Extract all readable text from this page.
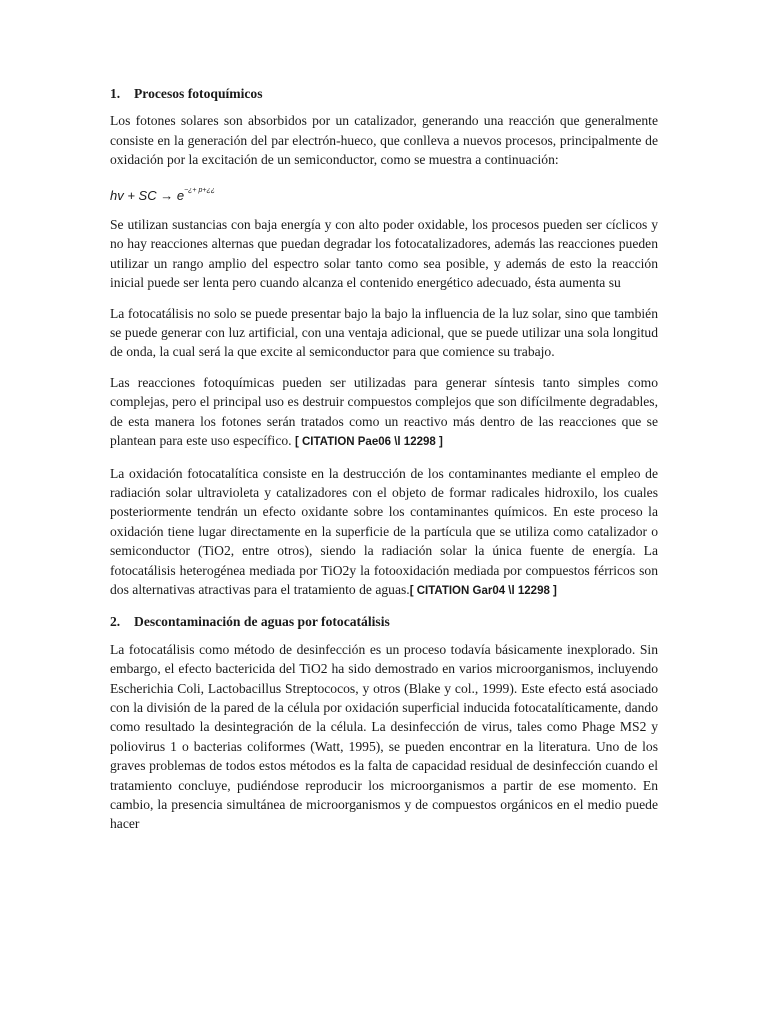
1. Procesos fotoquímicos

Los fotones solares son absorbidos por un catalizador, generando una reacción que generalmente consiste en la generación del par electrón-hueco, que conlleva a nuevos procesos, principalmente de oxidación por la excitación de un semiconductor, como se muestra a continuación:

hv + SC → $e^{-¿+ p+¿¿}$

Se utilizan sustancias con baja energía y con alto poder oxidable, los procesos pueden ser cíclicos y no hay reacciones alternas que puedan degradar los fotocatalizadores, además las reacciones pueden utilizar un rango amplio del espectro solar tanto como sea posible, y además de esto la reacción inicial puede ser lenta pero cuando alcanza el contenido energético adecuado, ésta aumenta su

La fotocatálisis no solo se puede presentar bajo la bajo la influencia de la luz solar, sino que también se puede generar con luz artificial, con una ventaja adicional, que se puede utilizar una sola longitud de onda, la cual será la que excite al semiconductor para que comience su trabajo.

Las reacciones fotoquímicas pueden ser utilizadas para generar síntesis tanto simples como complejas, pero el principal uso es destruir compuestos complejos que son difícilmente degradables, de esta manera los fotones serán tratados como un reactivo más dentro de las reacciones que se plantean para este uso específico. [ CITATION Pae06 \l 12298 ]

La oxidación fotocatalítica consiste en la destrucción de los contaminantes mediante el empleo de radiación solar ultravioleta y catalizadores con el objeto de formar radicales hidroxilo, los cuales posteriormente tendrán un efecto oxidante sobre los contaminantes químicos. En este proceso la oxidación tiene lugar directamente en la superficie de la partícula que se utiliza como catalizador o semiconductor (TiO2, entre otros), siendo la radiación solar la única fuente de energía. La fotocatálisis heterogénea mediada por TiO2y la fotooxidación mediada por compuestos férricos son dos alternativas atractivas para el tratamiento de aguas.[ CITATION Gar04 \l 12298 ]

2. Descontaminación de aguas por fotocatálisis

La fotocatálisis como método de desinfección es un proceso todavía básicamente inexplorado. Sin embargo, el efecto bactericida del TiO2 ha sido demostrado en varios microorganismos, incluyendo Escherichia Coli, Lactobacillus Streptococos, y otros (Blake y col., 1999). Este efecto está asociado con la división de la pared de la célula por oxidación superficial inducida fotocatalíticamente, dando como resultado la desintegración de la célula. La desinfección de virus, tales como Phage MS2 y poliovirus 1 o bacterias coliformes (Watt, 1995), se pueden encontrar en la literatura. Uno de los graves problemas de todos estos métodos es la falta de capacidad residual de desinfección cuando el tratamiento concluye, pudiéndose reproducir los microorganismos a partir de ese momento. En cambio, la presencia simultánea de microorganismos y de compuestos orgánicos en el medio puede hacer
